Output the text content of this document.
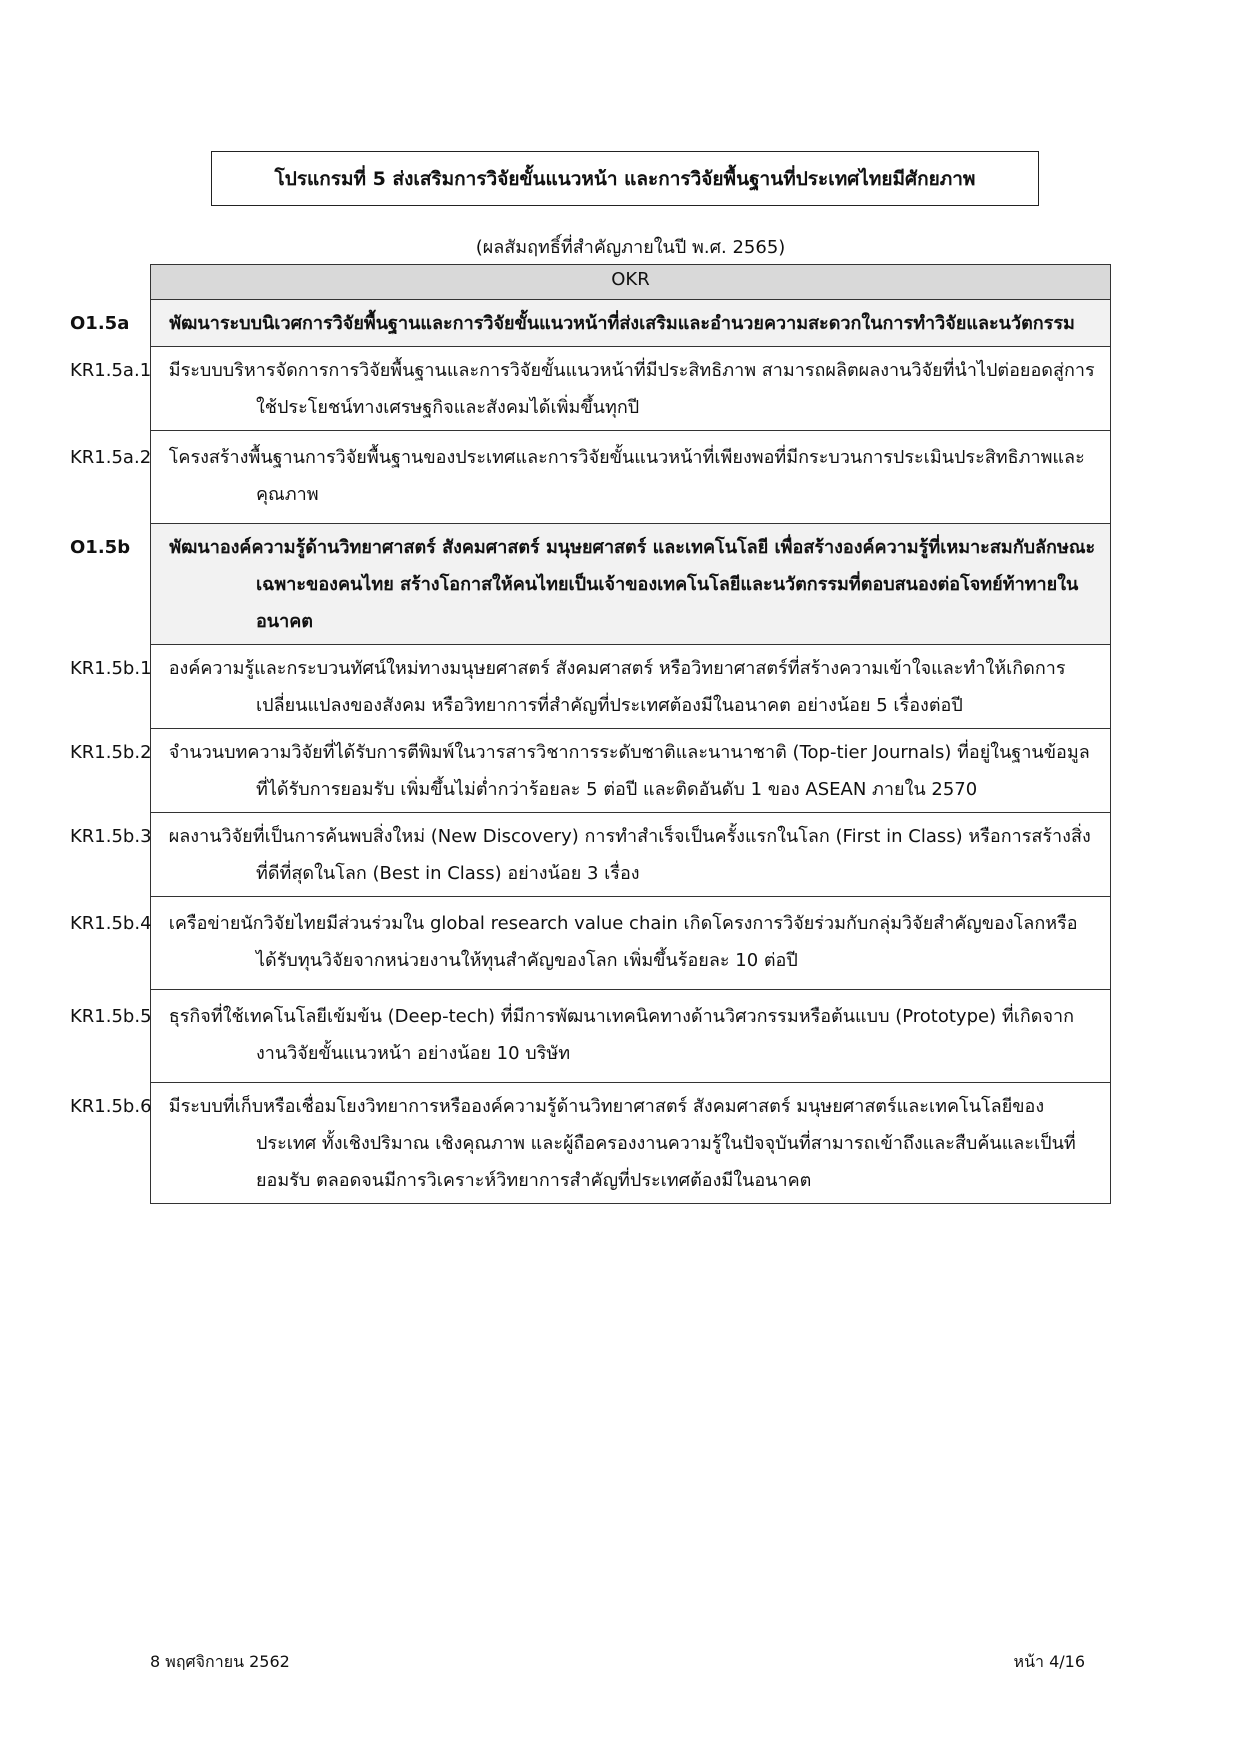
โปรแกรมที่ 5 ส่งเสริมการวิจัยขั้นแนวหน้า และการวิจัยพื้นฐานที่ประเทศไทยมีศักยภาพ
(ผลสัมฤทธิ์ที่สำคัญภายในปี พ.ศ. 2565)
OKR

O1.5a พัฒนาระบบนิเวศการวิจัยพื้นฐานและการวิจัยขั้นแนวหน้าที่ส่งเสริมและอำนวยความสะดวกในการทำวิจัยและนวัตกรรม

KR1.5a.1 มีระบบบริหารจัดการการวิจัยพื้นฐานและการวิจัยขั้นแนวหน้าที่มีประสิทธิภาพ สามารถผลิตผลงานวิจัยที่นำไปต่อยอดสู่การใช้ประโยชน์ทางเศรษฐกิจและสังคมได้เพิ่มขึ้นทุกปี

KR1.5a.2 โครงสร้างพื้นฐานการวิจัยพื้นฐานของประเทศและการวิจัยขั้นแนวหน้าที่เพียงพอที่มีกระบวนการประเมินประสิทธิภาพและคุณภาพ

O1.5b พัฒนาองค์ความรู้ด้านวิทยาศาสตร์ สังคมศาสตร์ มนุษยศาสตร์ และเทคโนโลยี เพื่อสร้างองค์ความรู้ที่เหมาะสมกับลักษณะเฉพาะของคนไทย สร้างโอกาสให้คนไทยเป็นเจ้าของเทคโนโลยีและนวัตกรรมที่ตอบสนองต่อโจทย์ท้าทายในอนาคต

KR1.5b.1 องค์ความรู้และกระบวนทัศน์ใหม่ทางมนุษยศาสตร์ สังคมศาสตร์ หรือวิทยาศาสตร์ที่สร้างความเข้าใจและทำให้เกิดการเปลี่ยนแปลงของสังคม หรือวิทยาการที่สำคัญที่ประเทศต้องมีในอนาคต อย่างน้อย 5 เรื่องต่อปี

KR1.5b.2 จำนวนบทความวิจัยที่ได้รับการตีพิมพ์ในวารสารวิชาการระดับชาติและนานาชาติ (Top-tier Journals) ที่อยู่ในฐานข้อมูลที่ได้รับการยอมรับ เพิ่มขึ้นไม่ต่ำกว่าร้อยละ 5 ต่อปี และติดอันดับ 1 ของ ASEAN ภายใน 2570

KR1.5b.3 ผลงานวิจัยที่เป็นการค้นพบสิ่งใหม่ (New Discovery) การทำสำเร็จเป็นครั้งแรกในโลก (First in Class) หรือการสร้างสิ่งที่ดีที่สุดในโลก (Best in Class) อย่างน้อย 3 เรื่อง

KR1.5b.4 เครือข่ายนักวิจัยไทยมีส่วนร่วมใน global research value chain เกิดโครงการวิจัยร่วมกับกลุ่มวิจัยสำคัญของโลกหรือได้รับทุนวิจัยจากหน่วยงานให้ทุนสำคัญของโลก เพิ่มขึ้นร้อยละ 10 ต่อปี

KR1.5b.5 ธุรกิจที่ใช้เทคโนโลยีเข้มข้น (Deep-tech) ที่มีการพัฒนาเทคนิคทางด้านวิศวกรรมหรือต้นแบบ (Prototype) ที่เกิดจากงานวิจัยขั้นแนวหน้า อย่างน้อย 10 บริษัท

KR1.5b.6 มีระบบที่เก็บหรือเชื่อมโยงวิทยาการหรือองค์ความรู้ด้านวิทยาศาสตร์ สังคมศาสตร์ มนุษยศาสตร์และเทคโนโลยีของประเทศ ทั้งเชิงปริมาณ เชิงคุณภาพ และผู้ถือครองงานความรู้ในปัจจุบันที่สามารถเข้าถึงและสืบค้นและเป็นที่ยอมรับ ตลอดจนมีการวิเคราะห์วิทยาการสำคัญที่ประเทศต้องมีในอนาคต
8 พฤศจิกายน 2562	หน้า 4/16
